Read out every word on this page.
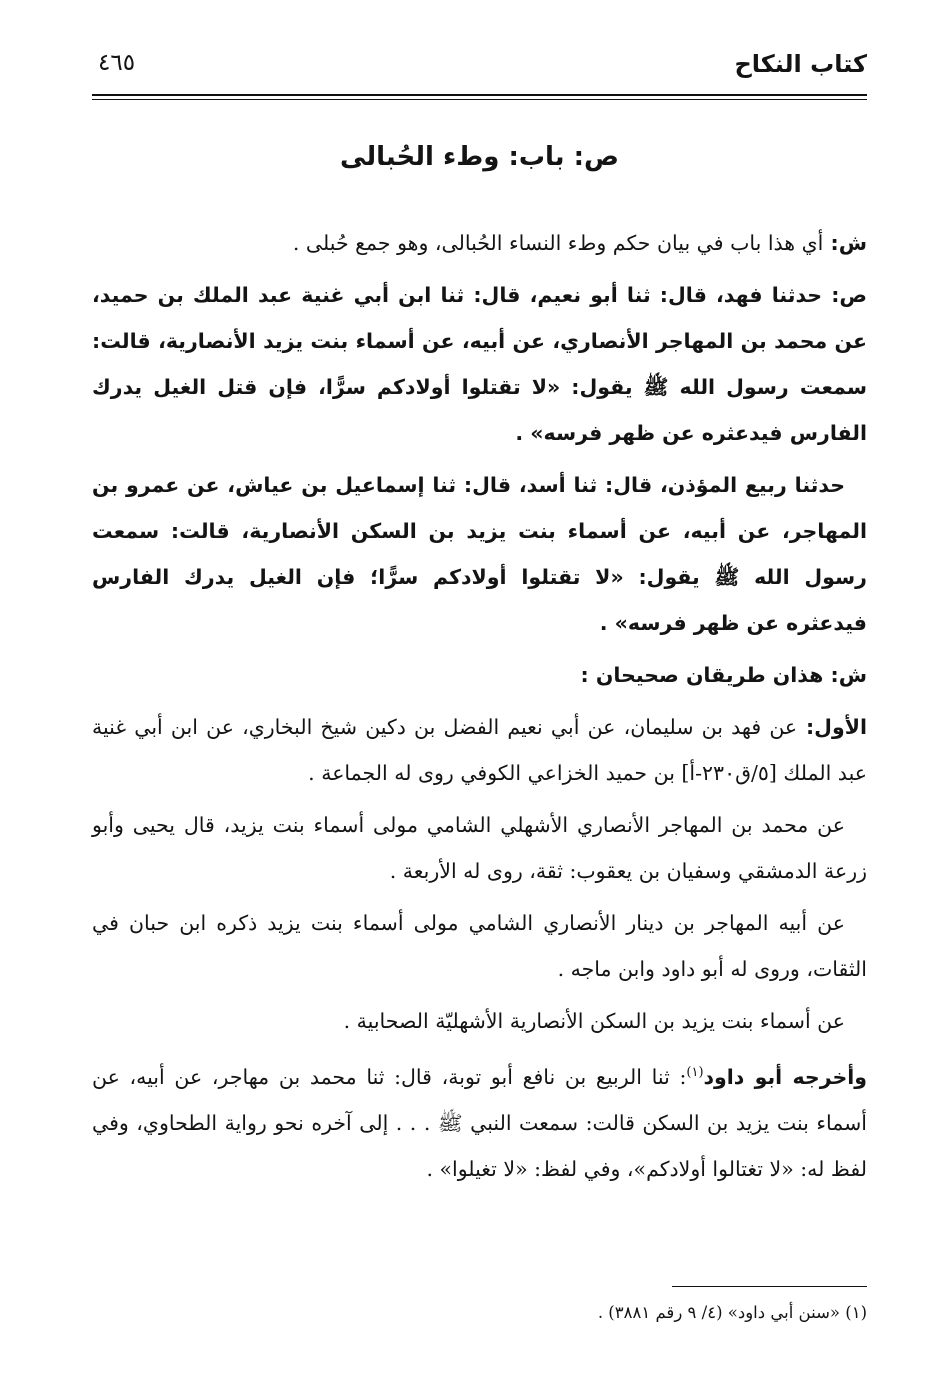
كتاب النكاح
٤٦٥
ص: باب: وطء الحُبالى

ش: أي هذا باب في بيان حكم وطء النساء الحُبالى، وهو جمع حُبلى .

ص: حدثنا فهد، قال: ثنا أبو نعيم، قال: ثنا ابن أبي غنية عبد الملك بن حميد، عن محمد بن المهاجر الأنصاري، عن أبيه، عن أسماء بنت يزيد الأنصارية، قالت: سمعت رسول الله ﷺ يقول: «لا تقتلوا أولادكم سرًّا، فإن قتل الغيل يدرك الفارس فيدعثره عن ظهر فرسه» .

حدثنا ربيع المؤذن، قال: ثنا أسد، قال: ثنا إسماعيل بن عياش، عن عمرو بن المهاجر، عن أبيه، عن أسماء بنت يزيد بن السكن الأنصارية، قالت: سمعت رسول الله ﷺ يقول: «لا تقتلوا أولادكم سرًّا؛ فإن الغيل يدرك الفارس فيدعثره عن ظهر فرسه» .

ش: هذان طريقان صحيحان :

الأول: عن فهد بن سليمان، عن أبي نعيم الفضل بن دكين شيخ البخاري، عن ابن أبي غنية عبد الملك [٥/ق٢٣٠-أ] بن حميد الخزاعي الكوفي روى له الجماعة .

عن محمد بن المهاجر الأنصاري الأشهلي الشامي مولى أسماء بنت يزيد، قال يحيى وأبو زرعة الدمشقي وسفيان بن يعقوب: ثقة، روى له الأربعة .

عن أبيه المهاجر بن دينار الأنصاري الشامي مولى أسماء بنت يزيد ذكره ابن حبان في الثقات، وروى له أبو داود وابن ماجه .

عن أسماء بنت يزيد بن السكن الأنصارية الأشهليّة الصحابية .

وأخرجه أبو داود$^{(١)}$: ثنا الربيع بن نافع أبو توبة، قال: ثنا محمد بن مهاجر، عن أبيه، عن أسماء بنت يزيد بن السكن قالت: سمعت النبي ﷺ . . . إلى آخره نحو رواية الطحاوي، وفي لفظ له: «لا تغتالوا أولادكم»، وفي لفظ: «لا تغيلوا» .

(١) «سنن أبي داود» (٤/ ٩ رقم ٣٨٨١) .
